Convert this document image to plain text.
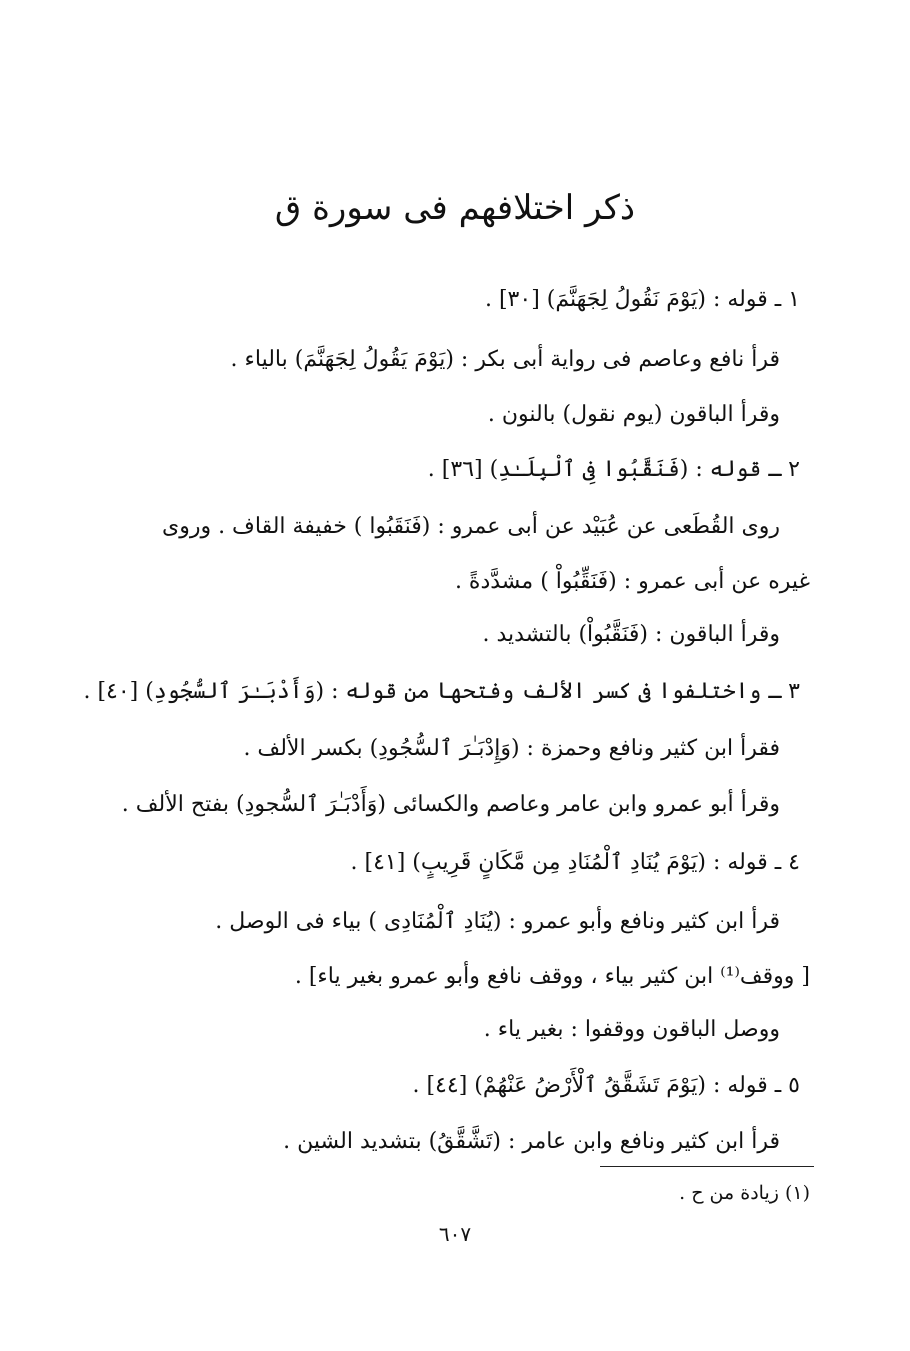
ذكر اختلافهم فى سورة ق
١ ـ قوله : (يَوْمَ نَقُولُ لِجَهَنَّمَ) [٣٠] .
قرأ نافع وعاصم فى رواية أبى بكر : (يَوْمَ يَقُولُ لِجَهَنَّمَ) بالياء .
وقرأ الباقون (يوم نقول) بالنون .
٢ ـ قوله : (فَنَقَّبُوا فِى ٱلْبِلَـٰدِ) [٣٦] .
روى القُطَعى عن عُبَيْد عن أبى عمرو : (فَنَقَبُوا ) خفيفة القاف . وروى
غيره عن أبى عمرو : (فَنَقِّبُواْ ) مشدَّدةً .
وقرأ الباقون : (فَنَقَّبُواْ) بالتشديد .
٣ ـ واختلفوا فى كسر الألف وفتحها من قوله : (وَأَدْبَـٰرَ ٱلسُّجُودِ) [٤٠] .
فقرأ ابن كثير ونافع وحمزة : (وَإِدْبَـٰرَ ٱلسُّجُودِ) بكسر الألف .
وقرأ أبو عمرو وابن عامر وعاصم والكسائى (وَأَدْبَـٰرَ ٱلسُّجودِ) بفتح الألف .
٤ ـ قوله : (يَوْمَ يُنَادِ ٱلْمُنَادِ مِن مَّكَانٍ قَرِيبٍ) [٤١] .
قرأ ابن كثير ونافع وأبو عمرو : (يُنَادِ ٱلْمُنَادِى ) بياء فى الوصل .
[ ووقف⁽¹⁾ ابن كثير بياء ، ووقف نافع وأبو عمرو بغير ياء] .
ووصل الباقون ووقفوا : بغير ياء .
٥ ـ قوله : (يَوْمَ تَشَقَّقُ ٱلْأَرْضُ عَنْهُمْ) [٤٤] .
قرأ ابن كثير ونافع وابن عامر : (تَشَّقَّقُ) بتشديد الشين .
(١) زيادة من ح .
٦٠٧
